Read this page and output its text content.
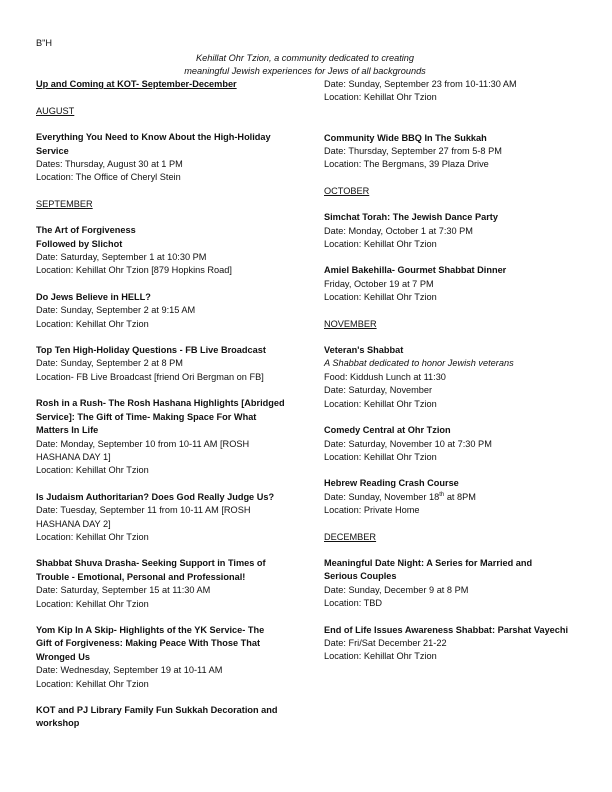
B"H
Kehillat Ohr Tzion, a community dedicated to creating
meaningful Jewish experiences for Jews of all backgrounds
Up and Coming at KOT- September-December
AUGUST
Everything You Need to Know About the High-Holiday
Service
Dates: Thursday, August 30 at 1 PM
Location: The Office of Cheryl Stein
SEPTEMBER
The Art of Forgiveness
Followed by Slichot
Date: Saturday, September 1 at 10:30 PM
Location: Kehillat Ohr Tzion [879 Hopkins Road]
Do Jews Believe in HELL?
Date: Sunday, September 2 at 9:15 AM
Location: Kehillat Ohr Tzion
Top Ten High-Holiday Questions - FB Live Broadcast
Date: Sunday, September 2 at 8 PM
Location- FB Live Broadcast [friend Ori Bergman on FB]
Rosh in a Rush- The Rosh Hashana Highlights [Abridged
Service]: The Gift of Time- Making Space For What
Matters In Life
Date: Monday, September 10 from 10-11 AM [ROSH
HASHANA DAY 1]
Location: Kehillat Ohr Tzion
Is Judaism Authoritarian? Does God Really Judge Us?
Date: Tuesday, September 11 from 10-11 AM [ROSH
HASHANA DAY 2]
Location: Kehillat Ohr Tzion
Shabbat Shuva Drasha- Seeking Support in Times of
Trouble - Emotional, Personal and Professional!
Date: Saturday, September 15 at 11:30 AM
Location: Kehillat Ohr Tzion
Yom Kip In A Skip- Highlights of the YK Service- The
Gift of Forgiveness: Making Peace With Those That
Wronged Us
Date: Wednesday, September 19 at 10-11 AM
Location: Kehillat Ohr Tzion
KOT and PJ Library Family Fun Sukkah Decoration and
workshop
Date: Sunday, September 23 from 10-11:30 AM
Location: Kehillat Ohr Tzion
Community Wide BBQ In The Sukkah
Date: Thursday, September 27 from 5-8 PM
Location: The Bergmans, 39 Plaza Drive
OCTOBER
Simchat Torah: The Jewish Dance Party
Date: Monday, October 1 at 7:30 PM
Location: Kehillat Ohr Tzion
Amiel Bakehilla- Gourmet Shabbat Dinner
Friday, October 19 at 7 PM
Location: Kehillat Ohr Tzion
NOVEMBER
Veteran's Shabbat
A Shabbat dedicated to honor Jewish veterans
Food: Kiddush Lunch at 11:30
Date: Saturday, November
Location: Kehillat Ohr Tzion
Comedy Central at Ohr Tzion
Date: Saturday, November 10 at 7:30 PM
Location: Kehillat Ohr Tzion
Hebrew Reading Crash Course
Date: Sunday, November 18th at 8PM
Location: Private Home
DECEMBER
Meaningful Date Night: A Series for Married and
Serious Couples
Date: Sunday, December 9 at 8 PM
Location: TBD
End of Life Issues Awareness Shabbat: Parshat Vayechi
Date: Fri/Sat December 21-22
Location: Kehillat Ohr Tzion
